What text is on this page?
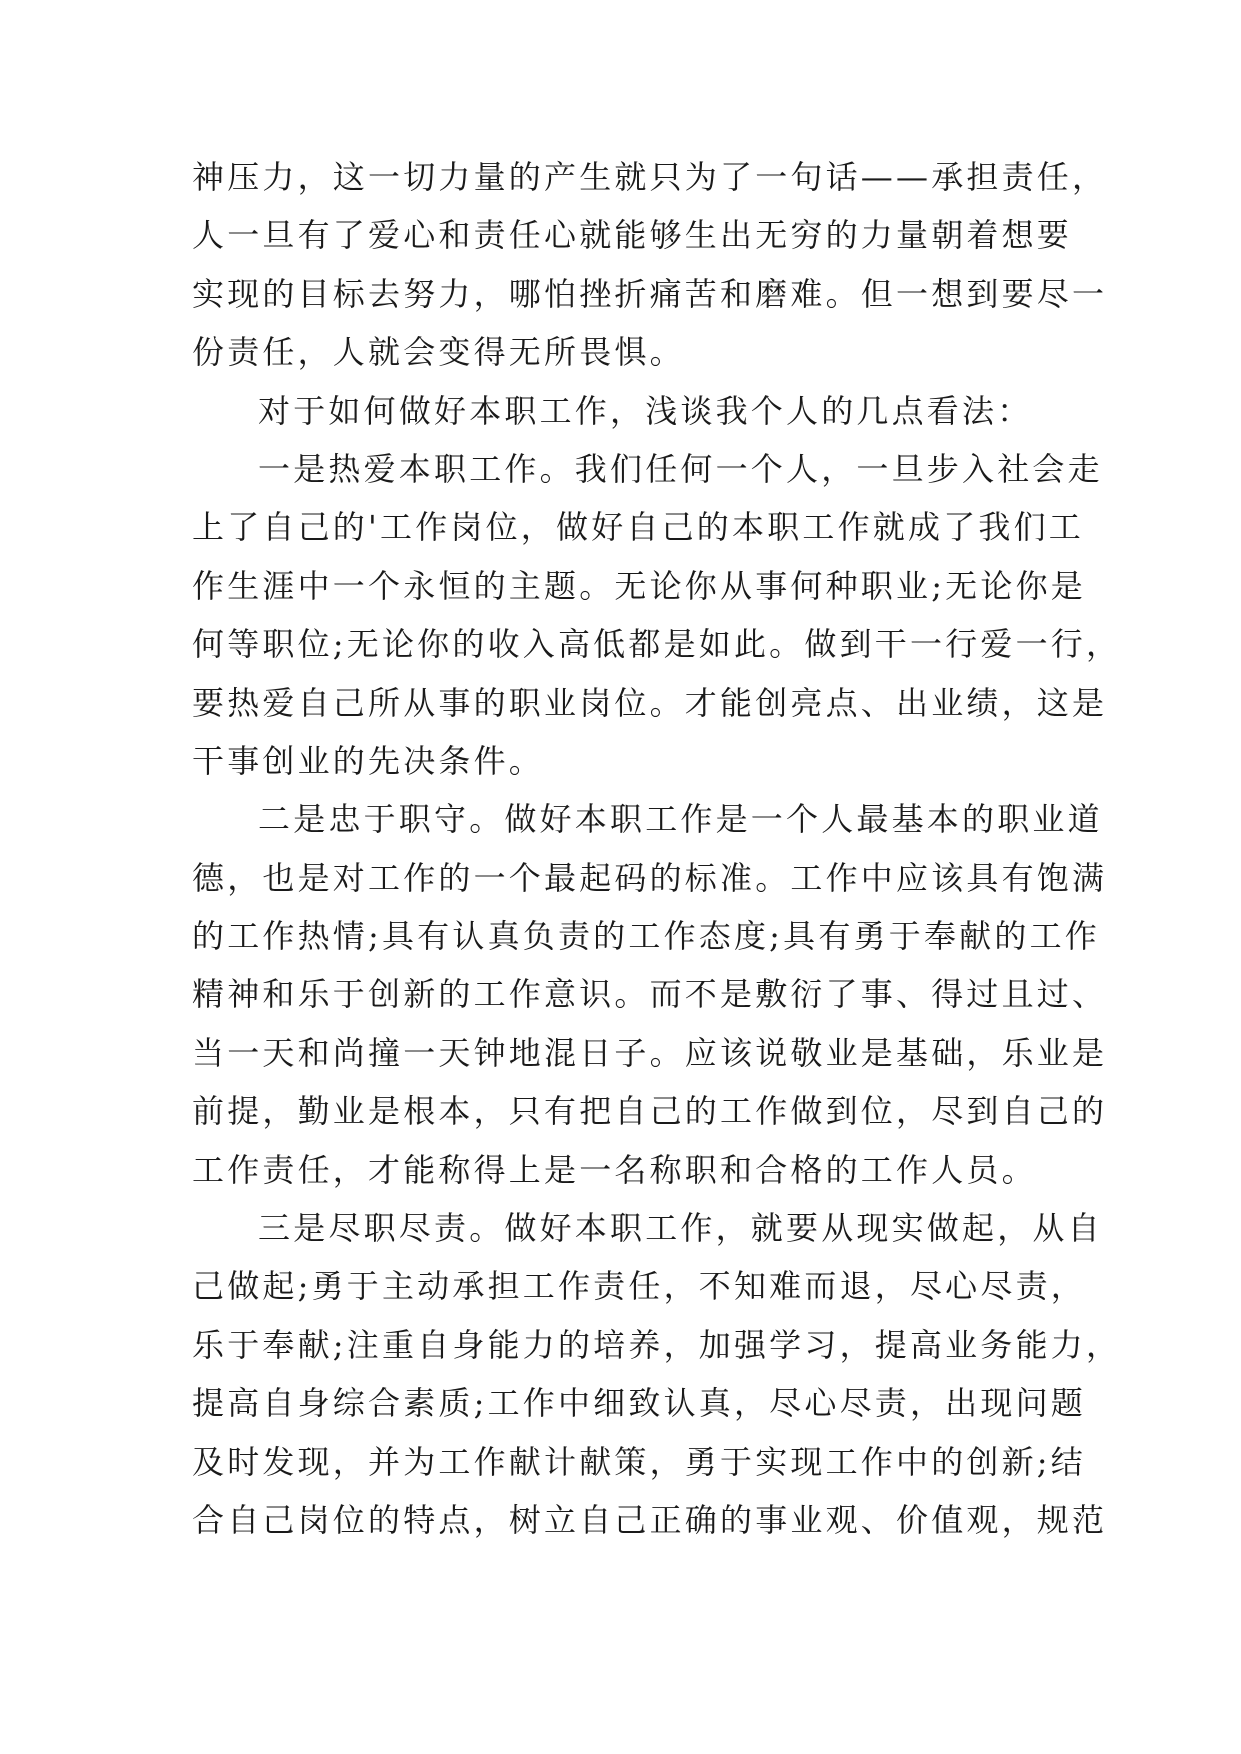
神压力，这一切力量的产生就只为了一句话——承担责任，
人一旦有了爱心和责任心就能够生出无穷的力量朝着想要
实现的目标去努力，哪怕挫折痛苦和磨难。但一想到要尽一
份责任，人就会变得无所畏惧。
对于如何做好本职工作，浅谈我个人的几点看法：
一是热爱本职工作。我们任何一个人，一旦步入社会走
上了自己的'工作岗位，做好自己的本职工作就成了我们工
作生涯中一个永恒的主题。无论你从事何种职业;无论你是
何等职位;无论你的收入高低都是如此。做到干一行爱一行，
要热爱自己所从事的职业岗位。才能创亮点、出业绩，这是
干事创业的先决条件。
二是忠于职守。做好本职工作是一个人最基本的职业道
德，也是对工作的一个最起码的标准。工作中应该具有饱满
的工作热情;具有认真负责的工作态度;具有勇于奉献的工作
精神和乐于创新的工作意识。而不是敷衍了事、得过且过、
当一天和尚撞一天钟地混日子。应该说敬业是基础，乐业是
前提，勤业是根本，只有把自己的工作做到位，尽到自己的
工作责任，才能称得上是一名称职和合格的工作人员。
三是尽职尽责。做好本职工作，就要从现实做起，从自
己做起;勇于主动承担工作责任，不知难而退，尽心尽责，
乐于奉献;注重自身能力的培养，加强学习，提高业务能力，
提高自身综合素质;工作中细致认真，尽心尽责，出现问题
及时发现，并为工作献计献策，勇于实现工作中的创新;结
合自己岗位的特点，树立自己正确的事业观、价值观，规范
